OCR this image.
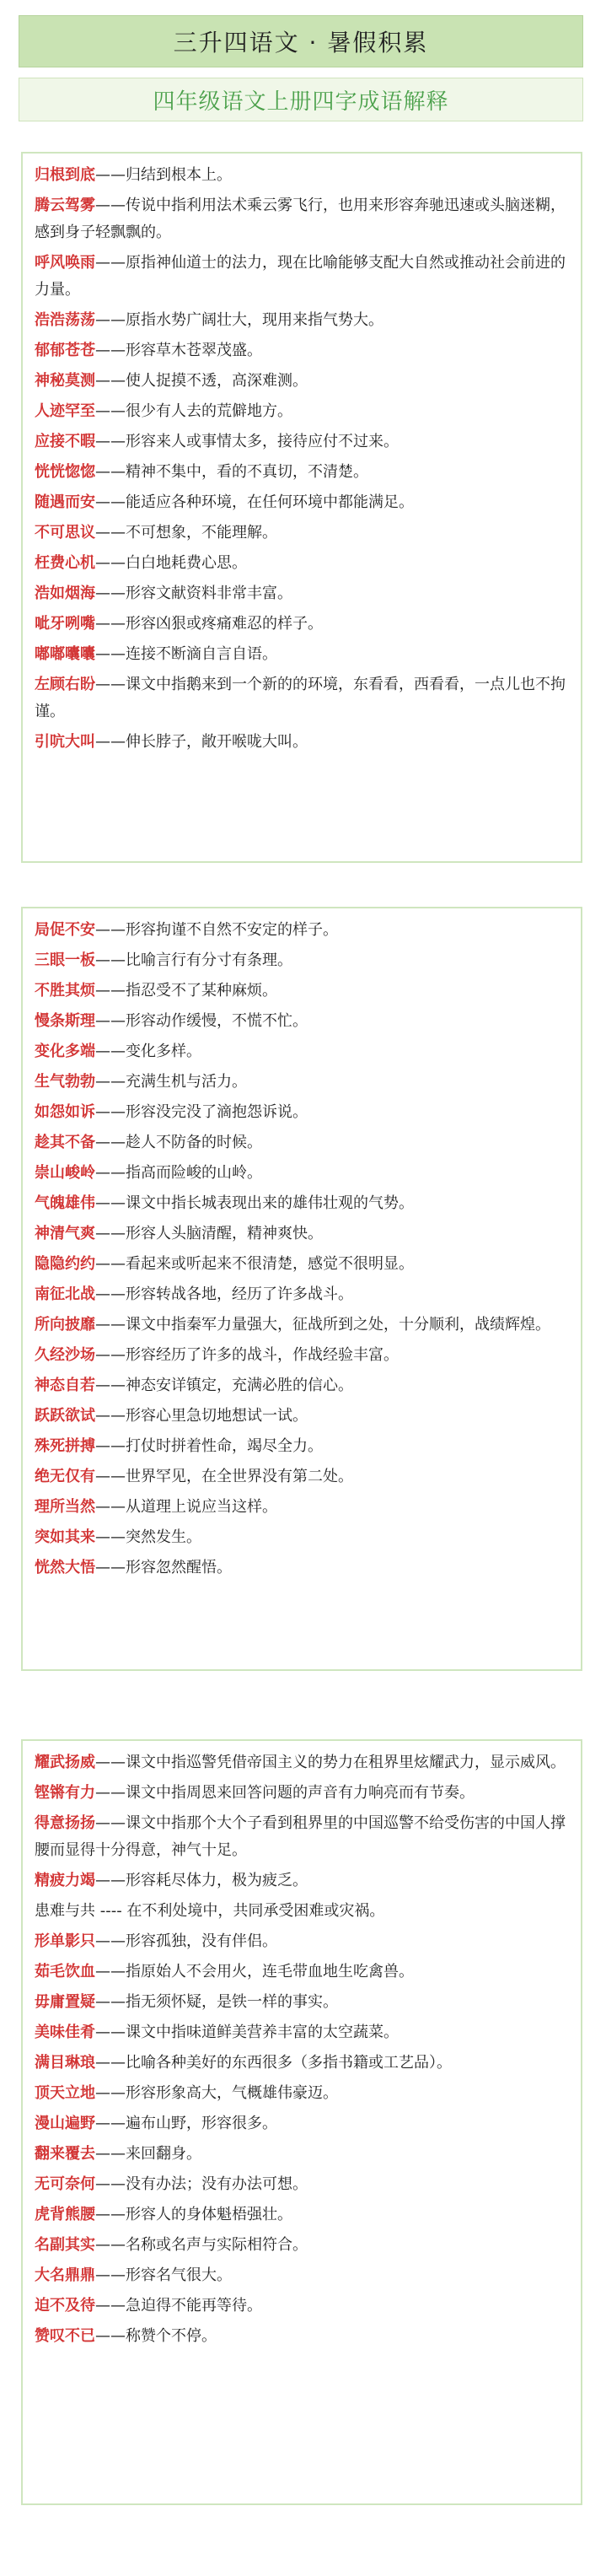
三升四语文 · 暑假积累
四年级语文上册四字成语解释

归根到底——归结到根本上。

腾云驾雾——传说中指利用法术乘云雾飞行，也用来形容奔驰迅速或头脑迷糊，感到身子轻飘飘的。

呼风唤雨——原指神仙道士的法力，现在比喻能够支配大自然或推动社会前进的力量。

浩浩荡荡——原指水势广阔壮大，现用来指气势大。

郁郁苍苍——形容草木苍翠茂盛。

神秘莫测——使人捉摸不透，高深难测。

人迹罕至——很少有人去的荒僻地方。

应接不暇——形容来人或事情太多，接待应付不过来。

恍恍惚惚——精神不集中，看的不真切，不清楚。

随遇而安——能适应各种环境，在任何环境中都能满足。

不可思议——不可想象，不能理解。

枉费心机——白白地耗费心思。

浩如烟海——形容文献资料非常丰富。

呲牙咧嘴——形容凶狠或疼痛难忍的样子。

嘟嘟囔囔——连接不断滴自言自语。

左顾右盼——课文中指鹅来到一个新的的环境，东看看，西看看，一点儿也不拘谨。

引吭大叫——伸长脖子，敞开喉咙大叫。

局促不安——形容拘谨不自然不安定的样子。

三眼一板——比喻言行有分寸有条理。

不胜其烦——指忍受不了某种麻烦。

慢条斯理——形容动作缓慢，不慌不忙。

变化多端——变化多样。

生气勃勃——充满生机与活力。

如怨如诉——形容没完没了滴抱怨诉说。

趁其不备——趁人不防备的时候。

崇山峻岭——指高而险峻的山岭。

气魄雄伟——课文中指长城表现出来的雄伟壮观的气势。

神清气爽——形容人头脑清醒，精神爽快。

隐隐约约——看起来或听起来不很清楚，感觉不很明显。

南征北战——形容转战各地，经历了许多战斗。

所向披靡——课文中指秦军力量强大，征战所到之处，十分顺利，战绩辉煌。

久经沙场——形容经历了许多的战斗，作战经验丰富。

神态自若——神态安详镇定，充满必胜的信心。

跃跃欲试——形容心里急切地想试一试。

殊死拼搏——打仗时拼着性命，竭尽全力。

绝无仅有——世界罕见，在全世界没有第二处。

理所当然——从道理上说应当这样。

突如其来——突然发生。

恍然大悟——形容忽然醒悟。

耀武扬威——课文中指巡警凭借帝国主义的势力在租界里炫耀武力，显示威风。

铿锵有力——课文中指周恩来回答问题的声音有力响亮而有节奏。

得意扬扬——课文中指那个大个子看到租界里的中国巡警不给受伤害的中国人撑腰而显得十分得意，神气十足。

精疲力竭——形容耗尽体力，极为疲乏。

患难与共 ---- 在不利处境中，共同承受困难或灾祸。

形单影只——形容孤独，没有伴侣。

茹毛饮血——指原始人不会用火，连毛带血地生吃禽兽。

毋庸置疑——指无须怀疑，是铁一样的事实。

美味佳肴——课文中指味道鲜美营养丰富的太空蔬菜。

满目琳琅——比喻各种美好的东西很多（多指书籍或工艺品）。

顶天立地——形容形象高大，气概雄伟豪迈。

漫山遍野——遍布山野，形容很多。

翻来覆去——来回翻身。

无可奈何——没有办法；没有办法可想。

虎背熊腰——形容人的身体魁梧强壮。

名副其实——名称或名声与实际相符合。

大名鼎鼎——形容名气很大。

迫不及待——急迫得不能再等待。

赞叹不已——称赞个不停。
